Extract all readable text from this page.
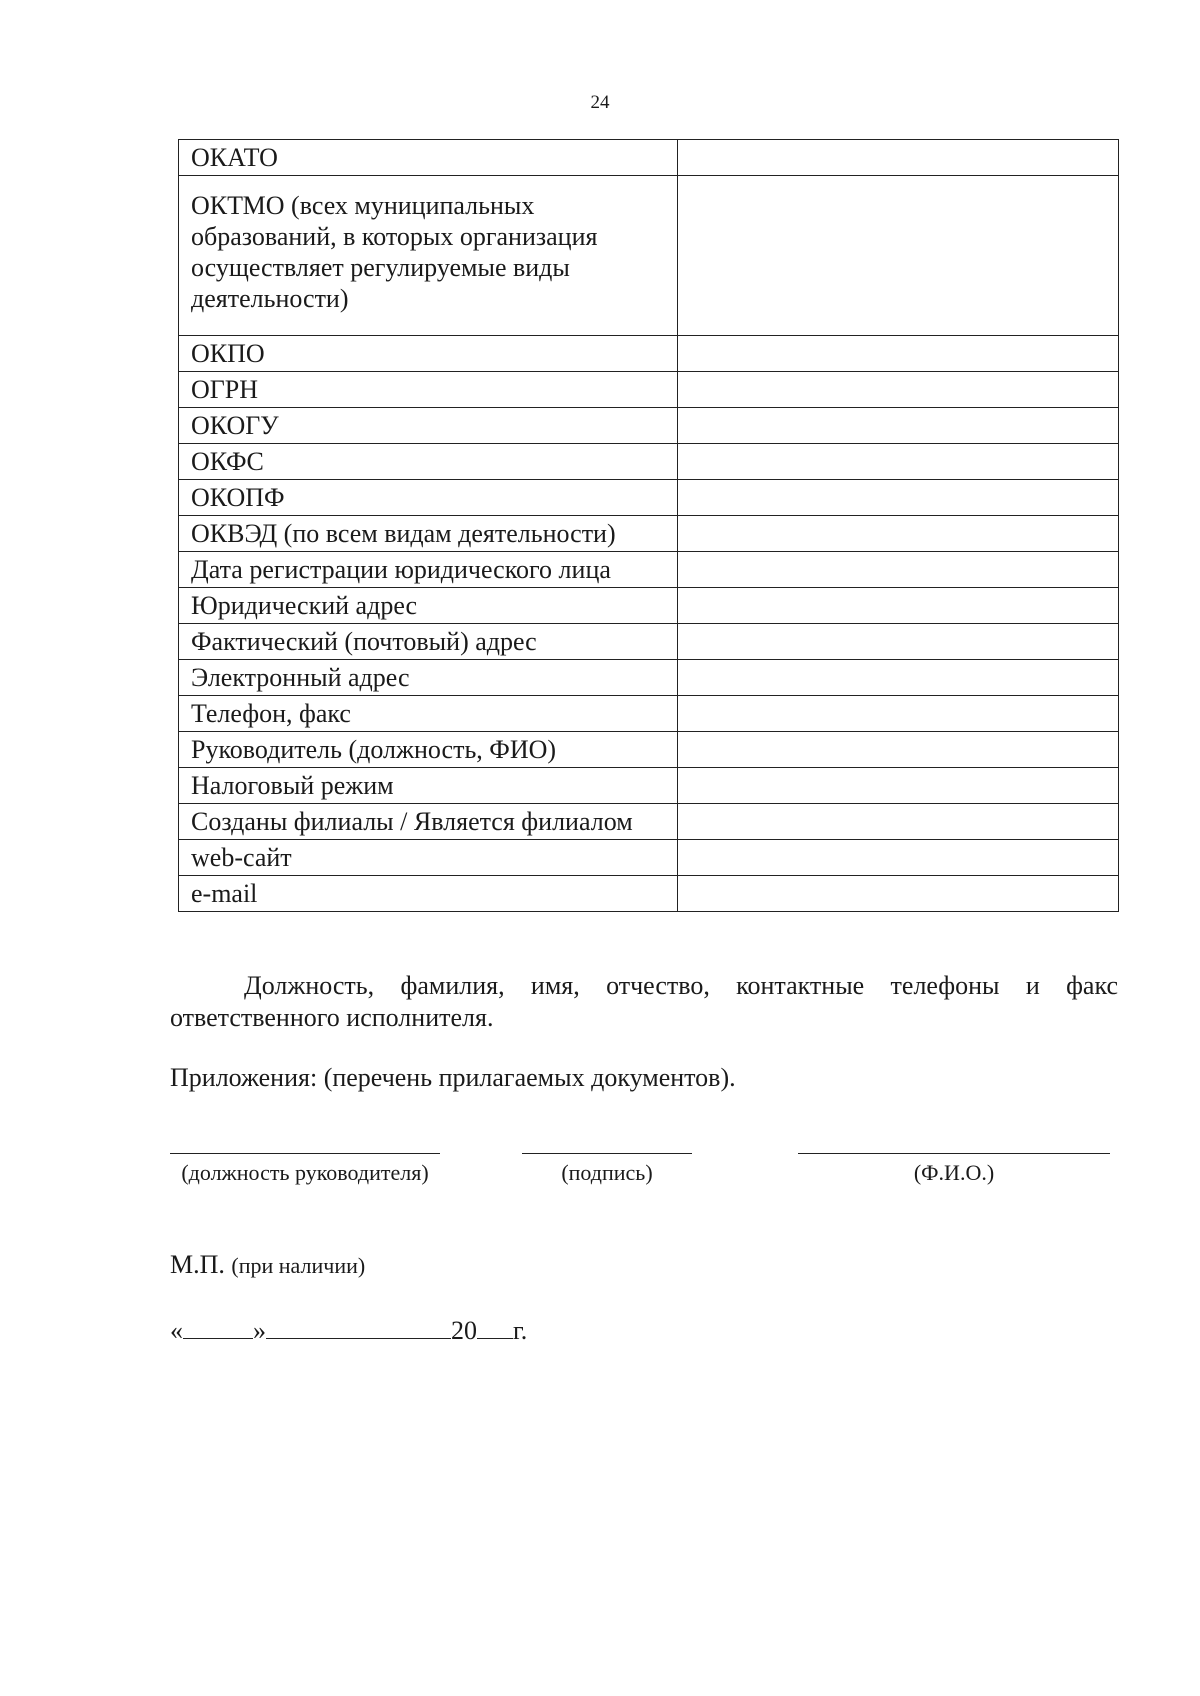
24
ОКАТО	
ОКТМО (всех муниципальных образований, в которых организация осуществляет регулируемые виды деятельности)	
ОКПО	
ОГРН	
ОКОГУ	
ОКФС	
ОКОПФ	
ОКВЭД (по всем видам деятельности)	
Дата регистрации юридического лица	
Юридический адрес	
Фактический (почтовый) адрес	
Электронный адрес	
Телефон, факс	
Руководитель (должность, ФИО)	
Налоговый режим	
Созданы филиалы / Является филиалом	
web-сайт	
e-mail	
Должность, фамилия, имя, отчество, контактные телефоны и факс ответственного исполнителя.
Приложения: (перечень прилагаемых документов).
(должность руководителя)	(подпись)	(Ф.И.О.)
М.П. (при наличии)
«	»	20 г.
